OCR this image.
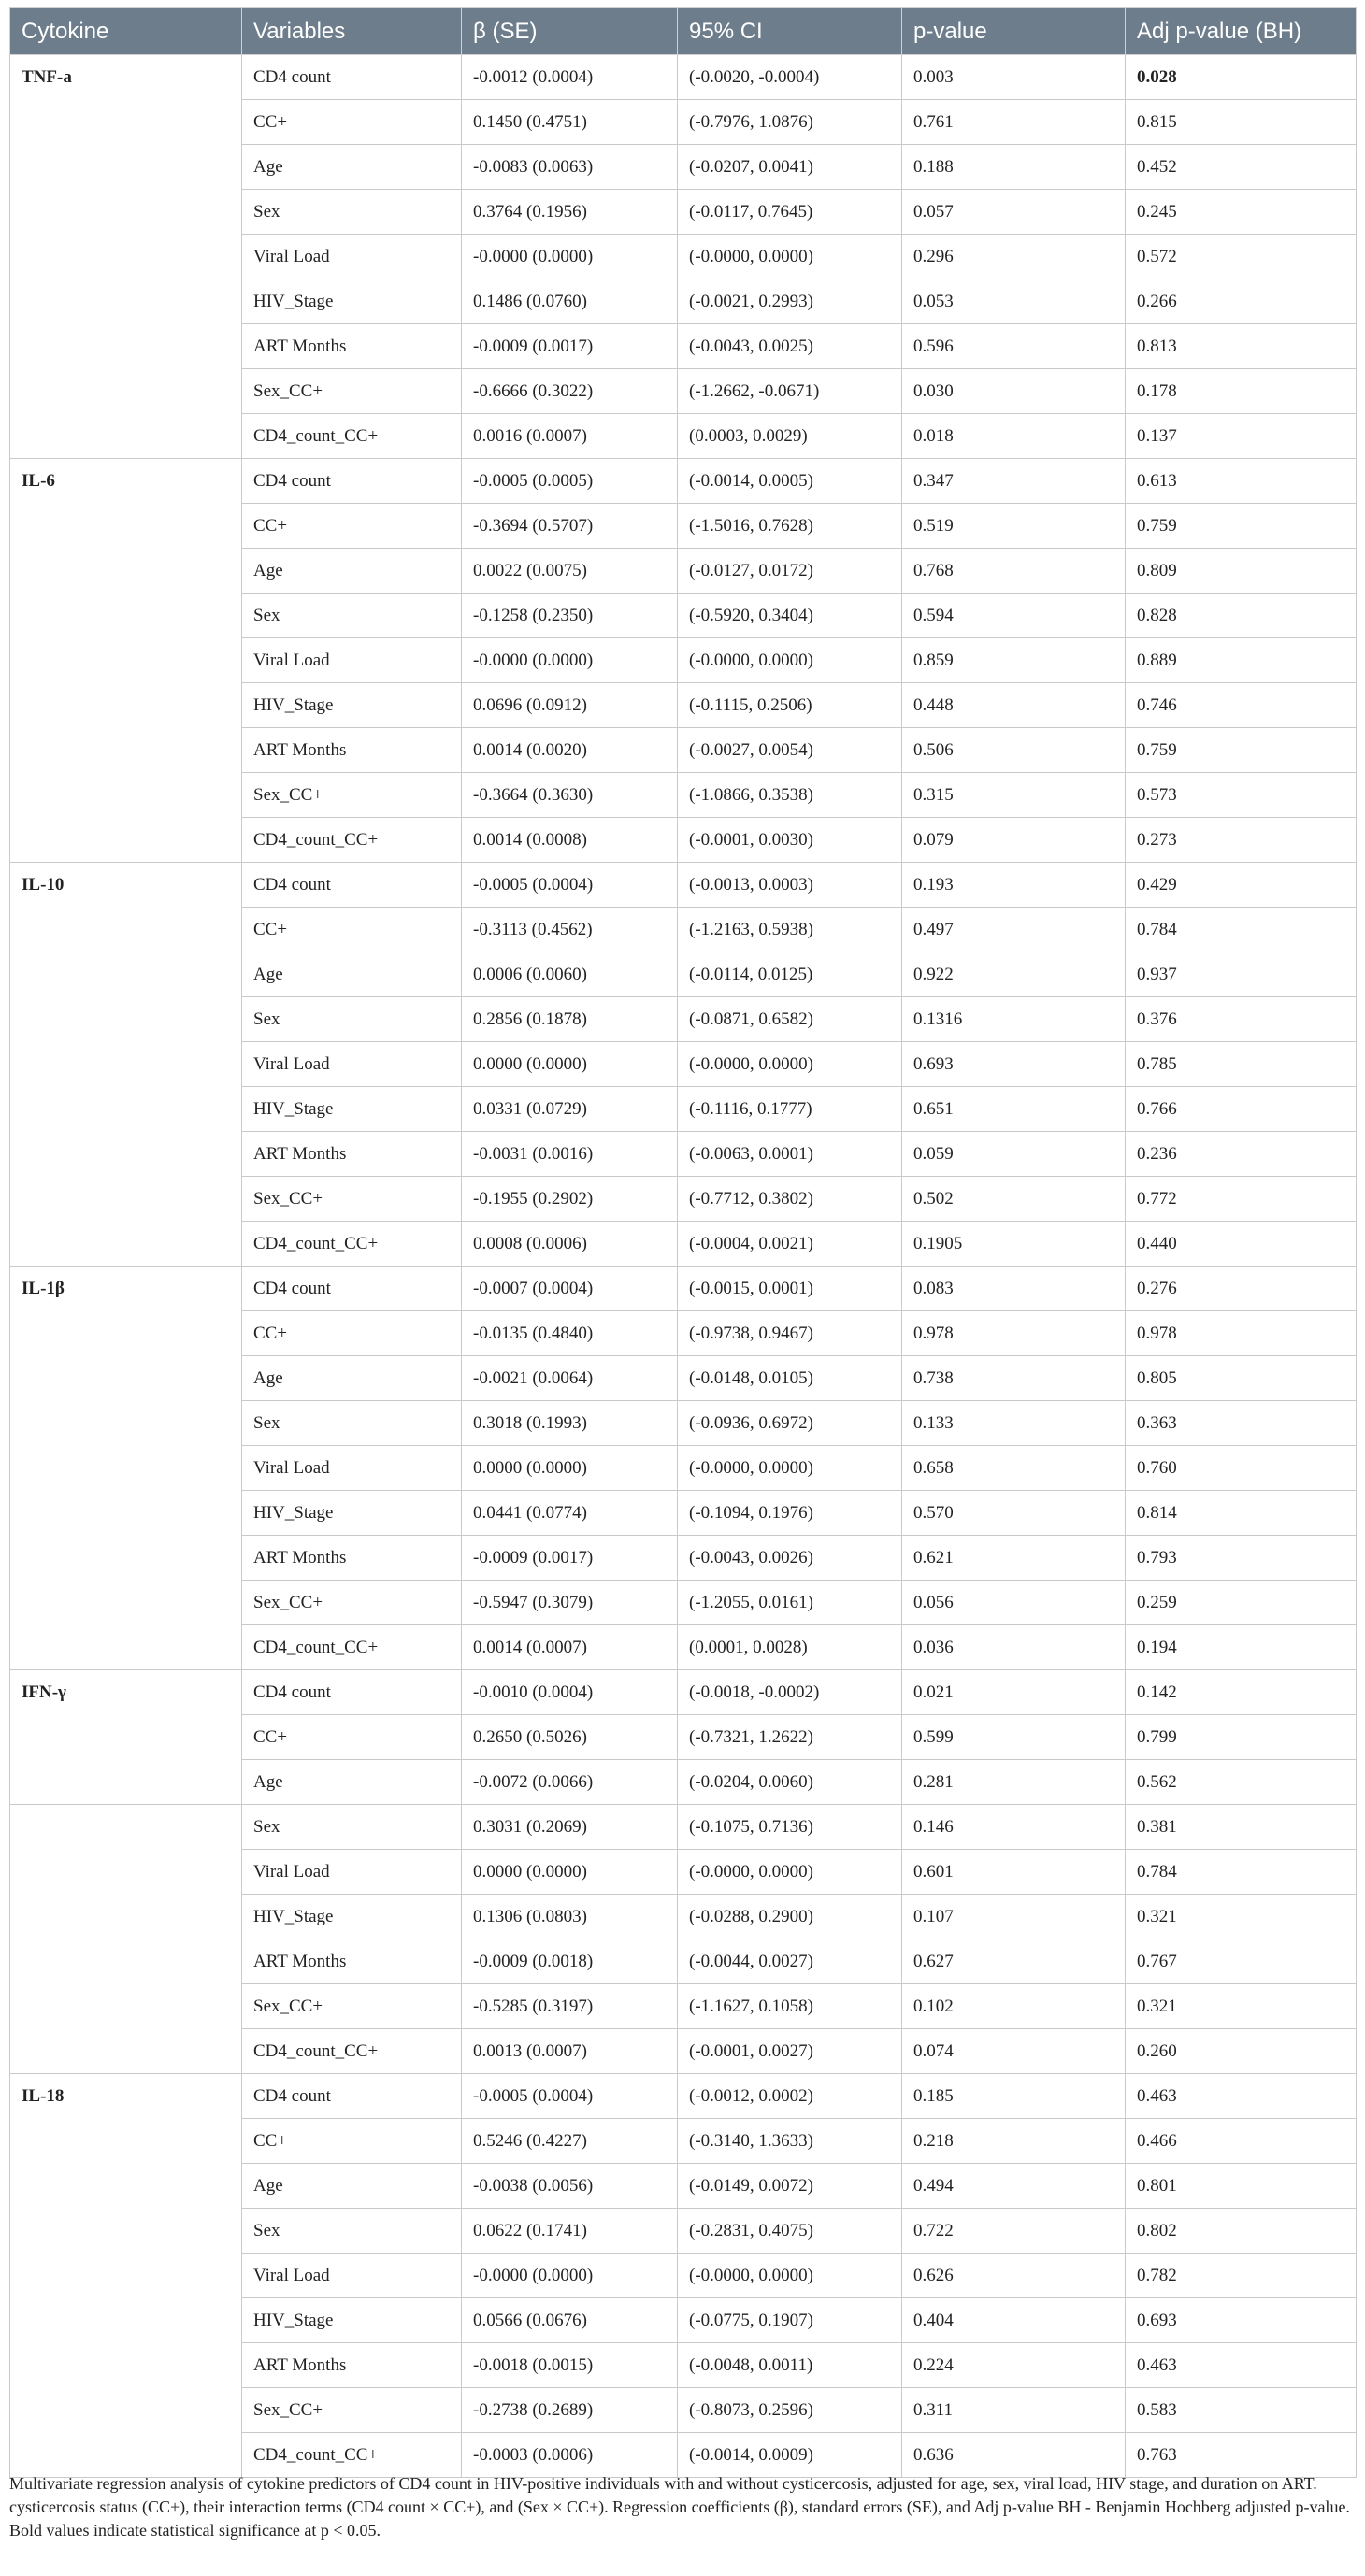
Cytokine	Variables	β (SE)	95% CI	p-value	Adj p-value (BH)
TNF-a	CD4 count	-0.0012 (0.0004)	(-0.0020, -0.0004)	0.003	0.028
	CC+	0.1450 (0.4751)	(-0.7976, 1.0876)	0.761	0.815
	Age	-0.0083 (0.0063)	(-0.0207, 0.0041)	0.188	0.452
	Sex	0.3764 (0.1956)	(-0.0117, 0.7645)	0.057	0.245
	Viral Load	-0.0000 (0.0000)	(-0.0000, 0.0000)	0.296	0.572
	HIV_Stage	0.1486 (0.0760)	(-0.0021, 0.2993)	0.053	0.266
	ART Months	-0.0009 (0.0017)	(-0.0043, 0.0025)	0.596	0.813
	Sex_CC+	-0.6666 (0.3022)	(-1.2662, -0.0671)	0.030	0.178
	CD4_count_CC+	0.0016 (0.0007)	(0.0003, 0.0029)	0.018	0.137
IL-6	CD4 count	-0.0005 (0.0005)	(-0.0014, 0.0005)	0.347	0.613
	CC+	-0.3694 (0.5707)	(-1.5016, 0.7628)	0.519	0.759
	Age	0.0022 (0.0075)	(-0.0127, 0.0172)	0.768	0.809
	Sex	-0.1258 (0.2350)	(-0.5920, 0.3404)	0.594	0.828
	Viral Load	-0.0000 (0.0000)	(-0.0000, 0.0000)	0.859	0.889
	HIV_Stage	0.0696 (0.0912)	(-0.1115, 0.2506)	0.448	0.746
	ART Months	0.0014 (0.0020)	(-0.0027, 0.0054)	0.506	0.759
	Sex_CC+	-0.3664 (0.3630)	(-1.0866, 0.3538)	0.315	0.573
	CD4_count_CC+	0.0014 (0.0008)	(-0.0001, 0.0030)	0.079	0.273
IL-10	CD4 count	-0.0005 (0.0004)	(-0.0013, 0.0003)	0.193	0.429
	CC+	-0.3113 (0.4562)	(-1.2163, 0.5938)	0.497	0.784
	Age	0.0006 (0.0060)	(-0.0114, 0.0125)	0.922	0.937
	Sex	0.2856 (0.1878)	(-0.0871, 0.6582)	0.1316	0.376
	Viral Load	0.0000 (0.0000)	(-0.0000, 0.0000)	0.693	0.785
	HIV_Stage	0.0331 (0.0729)	(-0.1116, 0.1777)	0.651	0.766
	ART Months	-0.0031 (0.0016)	(-0.0063, 0.0001)	0.059	0.236
	Sex_CC+	-0.1955 (0.2902)	(-0.7712, 0.3802)	0.502	0.772
	CD4_count_CC+	0.0008 (0.0006)	(-0.0004, 0.0021)	0.1905	0.440
IL-1β	CD4 count	-0.0007 (0.0004)	(-0.0015, 0.0001)	0.083	0.276
	CC+	-0.0135 (0.4840)	(-0.9738, 0.9467)	0.978	0.978
	Age	-0.0021 (0.0064)	(-0.0148, 0.0105)	0.738	0.805
	Sex	0.3018 (0.1993)	(-0.0936, 0.6972)	0.133	0.363
	Viral Load	0.0000 (0.0000)	(-0.0000, 0.0000)	0.658	0.760
	HIV_Stage	0.0441 (0.0774)	(-0.1094, 0.1976)	0.570	0.814
	ART Months	-0.0009 (0.0017)	(-0.0043, 0.0026)	0.621	0.793
	Sex_CC+	-0.5947 (0.3079)	(-1.2055, 0.0161)	0.056	0.259
	CD4_count_CC+	0.0014 (0.0007)	(0.0001, 0.0028)	0.036	0.194
IFN-γ	CD4 count	-0.0010 (0.0004)	(-0.0018, -0.0002)	0.021	0.142
	CC+	0.2650 (0.5026)	(-0.7321, 1.2622)	0.599	0.799
	Age	-0.0072 (0.0066)	(-0.0204, 0.0060)	0.281	0.562
	Sex	0.3031 (0.2069)	(-0.1075, 0.7136)	0.146	0.381
	Viral Load	0.0000 (0.0000)	(-0.0000, 0.0000)	0.601	0.784
	HIV_Stage	0.1306 (0.0803)	(-0.0288, 0.2900)	0.107	0.321
	ART Months	-0.0009 (0.0018)	(-0.0044, 0.0027)	0.627	0.767
	Sex_CC+	-0.5285 (0.3197)	(-1.1627, 0.1058)	0.102	0.321
	CD4_count_CC+	0.0013 (0.0007)	(-0.0001, 0.0027)	0.074	0.260
IL-18	CD4 count	-0.0005 (0.0004)	(-0.0012, 0.0002)	0.185	0.463
	CC+	0.5246 (0.4227)	(-0.3140, 1.3633)	0.218	0.466
	Age	-0.0038 (0.0056)	(-0.0149, 0.0072)	0.494	0.801
	Sex	0.0622 (0.1741)	(-0.2831, 0.4075)	0.722	0.802
	Viral Load	-0.0000 (0.0000)	(-0.0000, 0.0000)	0.626	0.782
	HIV_Stage	0.0566 (0.0676)	(-0.0775, 0.1907)	0.404	0.693
	ART Months	-0.0018 (0.0015)	(-0.0048, 0.0011)	0.224	0.463
	Sex_CC+	-0.2738 (0.2689)	(-0.8073, 0.2596)	0.311	0.583
	CD4_count_CC+	-0.0003 (0.0006)	(-0.0014, 0.0009)	0.636	0.763

Multivariate regression analysis of cytokine predictors of CD4 count in HIV-positive individuals with and without cysticercosis, adjusted for age, sex, viral load, HIV stage, and duration on ART. cysticercosis status (CC+), their interaction terms (CD4 count × CC+), and (Sex × CC+). Regression coefficients (β), standard errors (SE), and Adj p-value BH - Benjamin Hochberg adjusted p-value.

Bold values indicate statistical significance at p < 0.05.
